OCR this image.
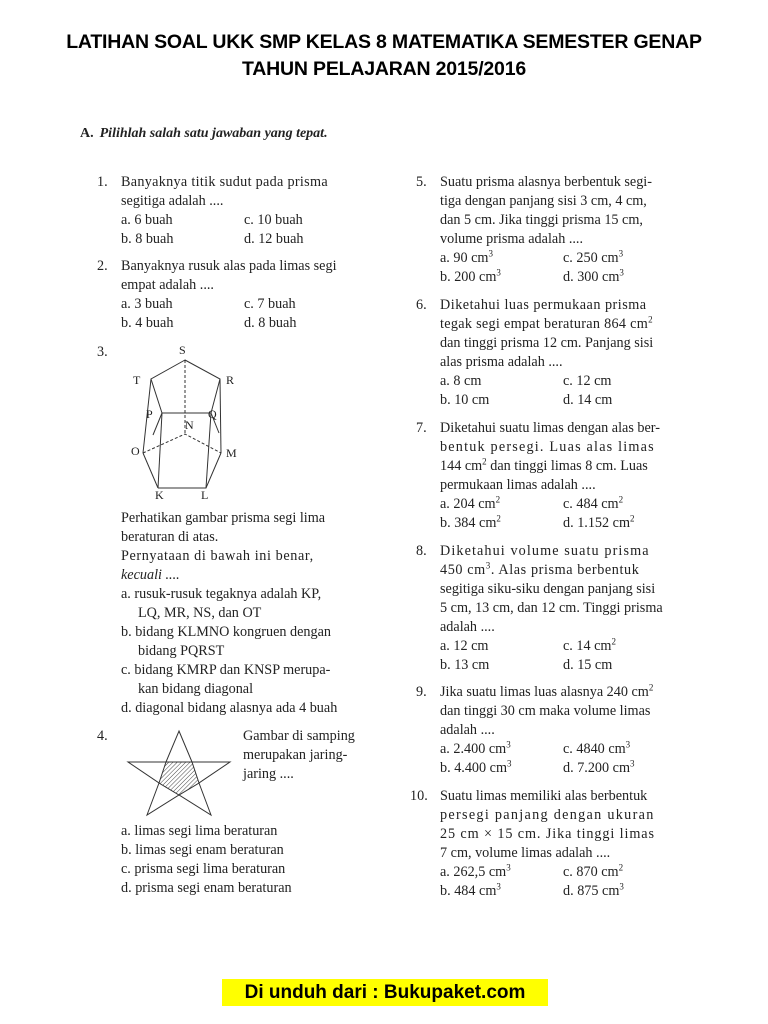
LATIHAN SOAL UKK SMP KELAS 8 MATEMATIKA SEMESTER GENAP
TAHUN PELAJARAN 2015/2016
A. Pilihlah salah satu jawaban yang tepat.
1. Banyaknya titik sudut pada prisma
segitiga adalah ....
a. 6 buah	c. 10 buah
b. 8 buah	d. 12 buah
2. Banyaknya rusuk alas pada limas segi
empat adalah ....
a. 3 buah	c. 7 buah
b. 4 buah	d. 8 buah
3.	S
T	R
P	Q
N
O	M
K	L
Perhatikan gambar prisma segi lima
beraturan di atas.
Pernyataan di bawah ini benar,
kecuali ....
a. rusuk-rusuk tegaknya adalah KP,
LQ, MR, NS, dan OT
b. bidang KLMNO kongruen dengan
bidang PQRST
c. bidang KMRP dan KNSP merupa-
kan bidang diagonal
d. diagonal bidang alasnya ada 4 buah
4.	Gambar di samping
merupakan jaring-
jaring ....
a. limas segi lima beraturan
b. limas segi enam beraturan
c. prisma segi lima beraturan
d. prisma segi enam beraturan
5. Suatu prisma alasnya berbentuk segi-
tiga dengan panjang sisi 3 cm, 4 cm,
dan 5 cm. Jika tinggi prisma 15 cm,
volume prisma adalah ....
a. 90 $cm^3$	c. 250 $cm^3$
b. 200 $cm^3$	d. 300 $cm^3$
6. Diketahui luas permukaan prisma
tegak segi empat beraturan 864 $cm^2$
dan tinggi prisma 12 cm. Panjang sisi
alas prisma adalah ....
a. 8 cm	c. 12 cm
b. 10 cm	d. 14 cm
7. Diketahui suatu limas dengan alas ber-
bentuk persegi. Luas alas limas
144 $cm^2$ dan tinggi limas 8 cm. Luas
permukaan limas adalah ....
a. 204 $cm^2$	c. 484 $cm^2$
b. 384 $cm^2$	d. 1.152 $cm^2$
8. Diketahui volume suatu prisma
450 $cm^3$. Alas prisma berbentuk
segitiga siku-siku dengan panjang sisi
5 cm, 13 cm, dan 12 cm. Tinggi prisma
adalah ....
a. 12 cm	c. 14 $cm^2$
b. 13 cm	d. 15 cm
9. Jika suatu limas luas alasnya 240 $cm^2$
dan tinggi 30 cm maka volume limas
adalah ....
a. 2.400 $cm^3$	c. 4840 $cm^3$
b. 4.400 $cm^3$	d. 7.200 $cm^3$
10. Suatu limas memiliki alas berbentuk
persegi panjang dengan ukuran
25 cm × 15 cm. Jika tinggi limas
7 cm, volume limas adalah ....
a. 262,5 $cm^3$	c. 870 $cm^2$
b. 484 $cm^3$	d. 875 $cm^3$
Di unduh dari : Bukupaket.com
